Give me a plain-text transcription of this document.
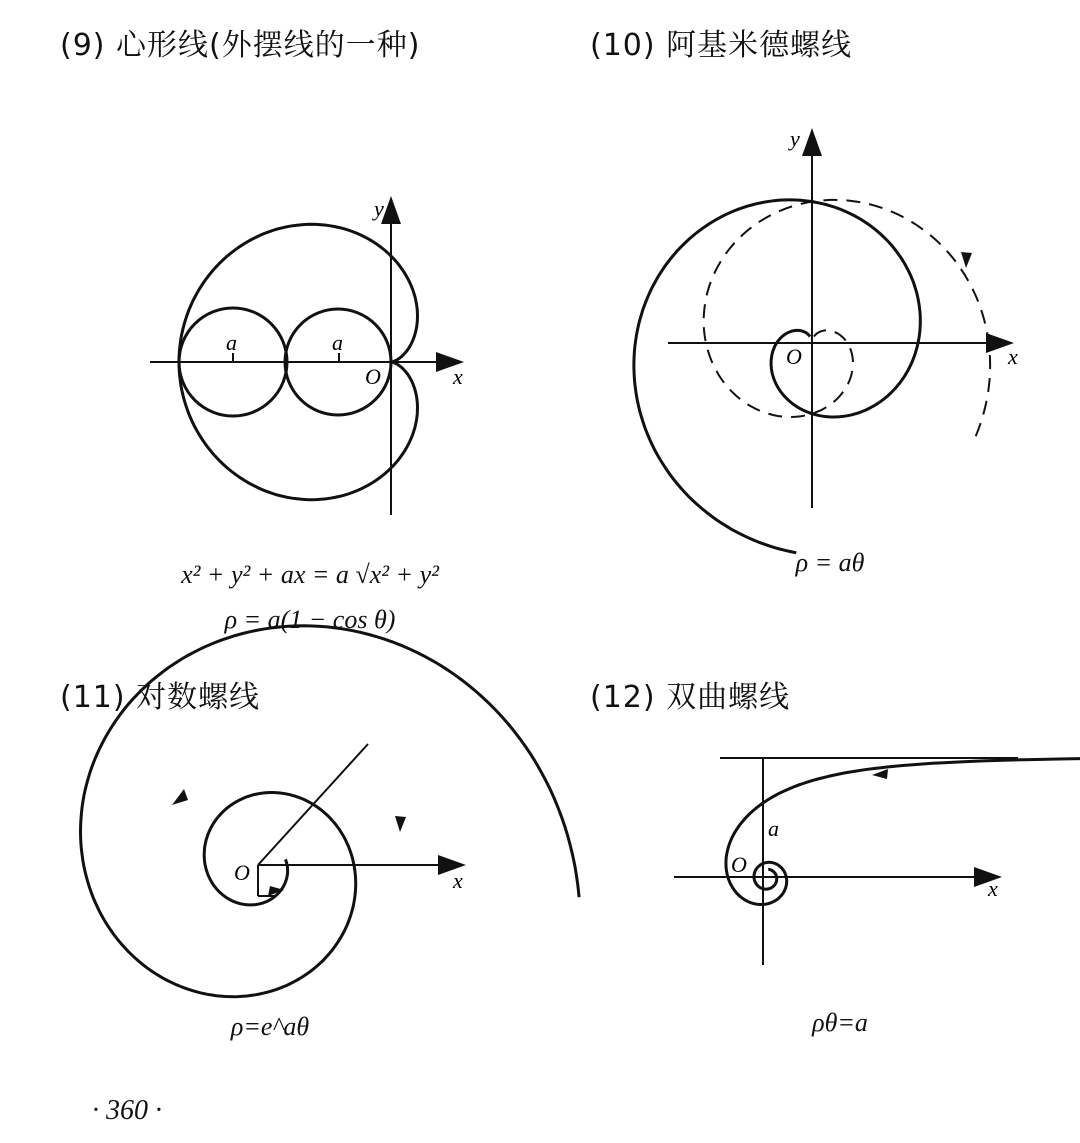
(9) 心形线(外摆线的一种)	(10) 阿基米德螺线
(11) 对数螺线	(12) 双曲螺线
a	a
O	x
y
O	x
y
O	x
a
O
x
x² + y² + ax = a √x² + y²
ρ = a(1 − cos θ)
ρ = aθ
ρ=e^aθ	ρθ=a
· 360 ·
